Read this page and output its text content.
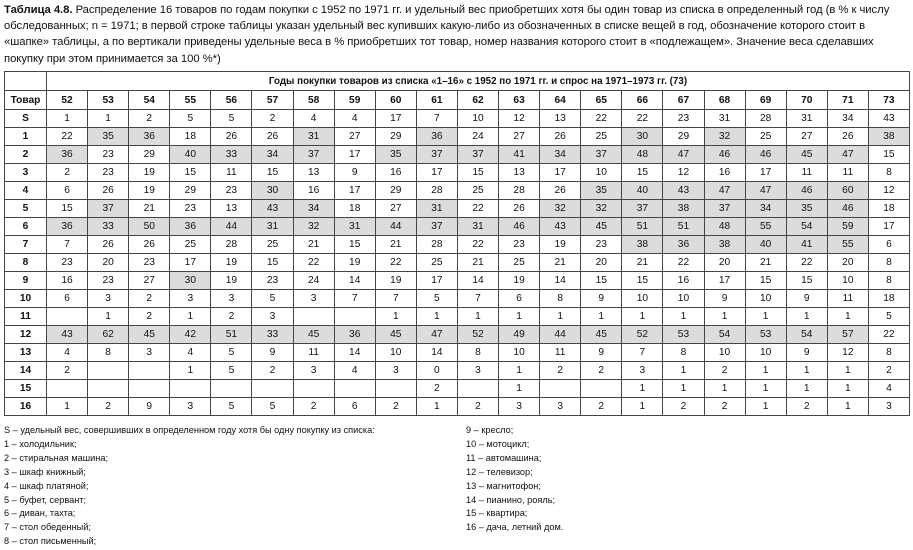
Таблица 4.8. Распределение 16 товаров по годам покупки с 1952 по 1971 гг. и удельный вес приобретших хотя бы один товар из списка в определенный год (в % к числу обследованных; n = 1971; в первой строке таблицы указан удельный вес купивших какую-либо из обозначенных в списке вещей в год, обозначение которого стоит в «шапке» таблицы, а по вертикали приведены удельные веса в % приобретших тот товар, номер названия которого стоит в «подлежащем». Значение веса сделавших покупку при этом принимается за 100 %*)
	Годы покупки товаров из списка «1–16» с 1952 по 1971 гг. и спрос на 1971–1973 гг. (73)																				
Товар	52	53	54	55	56	57	58	59	60	61	62	63	64	65	66	67	68	69	70	71	73
S	1	1	2	5	5	2	4	4	17	7	10	12	13	22	22	23	31	28	31	34	43
1	22	35	36	18	26	26	31	27	29	36	24	27	26	25	30	29	32	25	27	26	38
2	36	23	29	40	33	34	37	17	35	37	37	41	34	37	48	47	46	46	45	47	15
3	2	23	19	15	11	15	13	9	16	17	15	13	17	10	15	12	16	17	11	11	8
4	6	26	19	29	23	30	16	17	29	28	25	28	26	35	40	43	47	47	46	60	12
5	15	37	21	23	13	43	34	18	27	31	22	26	32	32	37	38	37	34	35	46	18
6	36	33	50	36	44	31	32	31	44	37	31	46	43	45	51	51	48	55	54	59	17
7	7	26	26	25	28	25	21	15	21	28	22	23	19	23	38	36	38	40	41	55	6
8	23	20	23	17	19	15	22	19	22	25	21	25	21	20	21	22	20	21	22	20	8
9	16	23	27	30	19	23	24	14	19	17	14	19	14	15	15	16	17	15	15	10	8
10	6	3	2	3	3	5	3	7	7	5	7	6	8	9	10	10	9	10	9	11	18
11		1	2	1	2	3			1	1	1	1	1	1	1	1	1	1	1	1	5
12	43	62	45	42	51	33	45	36	45	47	52	49	44	45	52	53	54	53	54	57	22
13	4	8	3	4	5	9	11	14	10	14	8	10	11	9	7	8	10	10	9	12	8
14	2			1	5	2	3	4	3	0	3	1	2	2	3	1	2	1	1	1	2
15										2		1			1	1	1	1	1	1	4
16	1	2	9	3	5	5	2	6	2	1	2	3	3	2	1	2	2	1	2	1	3
S – удельный вес, совершивших в определенном году хотя бы одну покупку из списка:
1 – холодильник;
2 – стиральная машина;
3 – шкаф книжный;
4 – шкаф платяной;
5 – буфет, сервант;
6 – диван, тахта;
7 – стол обеденный;
8 – стол письменный;
9 – кресло;
10 – мотоцикл;
11 – автомашина;
12 – телевизор;
13 – магнитофон;
14 – пианино, рояль;
15 – квартира;
16 – дача, летний дом.
